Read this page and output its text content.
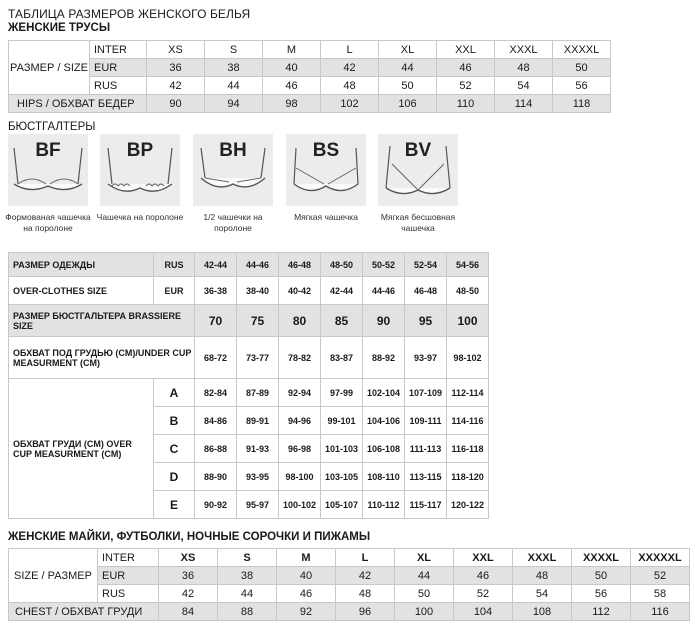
ТАБЛИЦА РАЗМЕРОВ ЖЕНСКОГО БЕЛЬЯ
ЖЕНСКИЕ ТРУСЫ
РАЗМЕР / SIZE	INTER	XS	S	M	L	XL	XXL	XXXL	XXXXL
	EUR	36	38	40	42	44	46	48	50
	RUS	42	44	46	48	50	52	54	56
HIPS / ОБХВАТ БЕДЕР		90	94	98	102	106	110	114	118
БЮСТГАЛТЕРЫ
BF	BP	BH	BS	BV
Формованая чашечка на поролоне
Чашечка на поролоне	1/2 чашечки на поролоне
Мягкая чашечка	Мягкая бесшовная чашечка
РАЗМЕР ОДЕЖДЫ	RUS	42-44	44-46	46-48	48-50	50-52	52-54	54-56
OVER-CLOTHES SIZE	EUR	36-38	38-40	40-42	42-44	44-46	46-48	48-50
РАЗМЕР БЮСТГАЛЬТЕРА BRASSIERE SIZE		70	75	80	85	90	95	100
ОБХВАТ ПОД ГРУДЬЮ (CM)/UNDER CUP MEASURMENT (CM)		68-72	73-77	78-82	83-87	88-92	93-97	98-102
ОБХВАТ ГРУДИ (CM) OVER CUP MEASURMENT (CM)	A	82-84	87-89	92-94	97-99	102-104	107-109	112-114
	B	84-86	89-91	94-96	99-101	104-106	109-111	114-116
	C	86-88	91-93	96-98	101-103	106-108	111-113	116-118
	D	88-90	93-95	98-100	103-105	108-110	113-115	118-120
	E	90-92	95-97	100-102	105-107	110-112	115-117	120-122
ЖЕНСКИЕ МАЙКИ, ФУТБОЛКИ, НОЧНЫЕ СОРОЧКИ И ПИЖАМЫ
SIZE / РАЗМЕР	INTER	XS	S	M	L	XL	XXL	XXXL	XXXXL	XXXXXL
	EUR	36	38	40	42	44	46	48	50	52
	RUS	42	44	46	48	50	52	54	56	58
CHEST / ОБХВАТ ГРУДИ		84	88	92	96	100	104	108	112	116
